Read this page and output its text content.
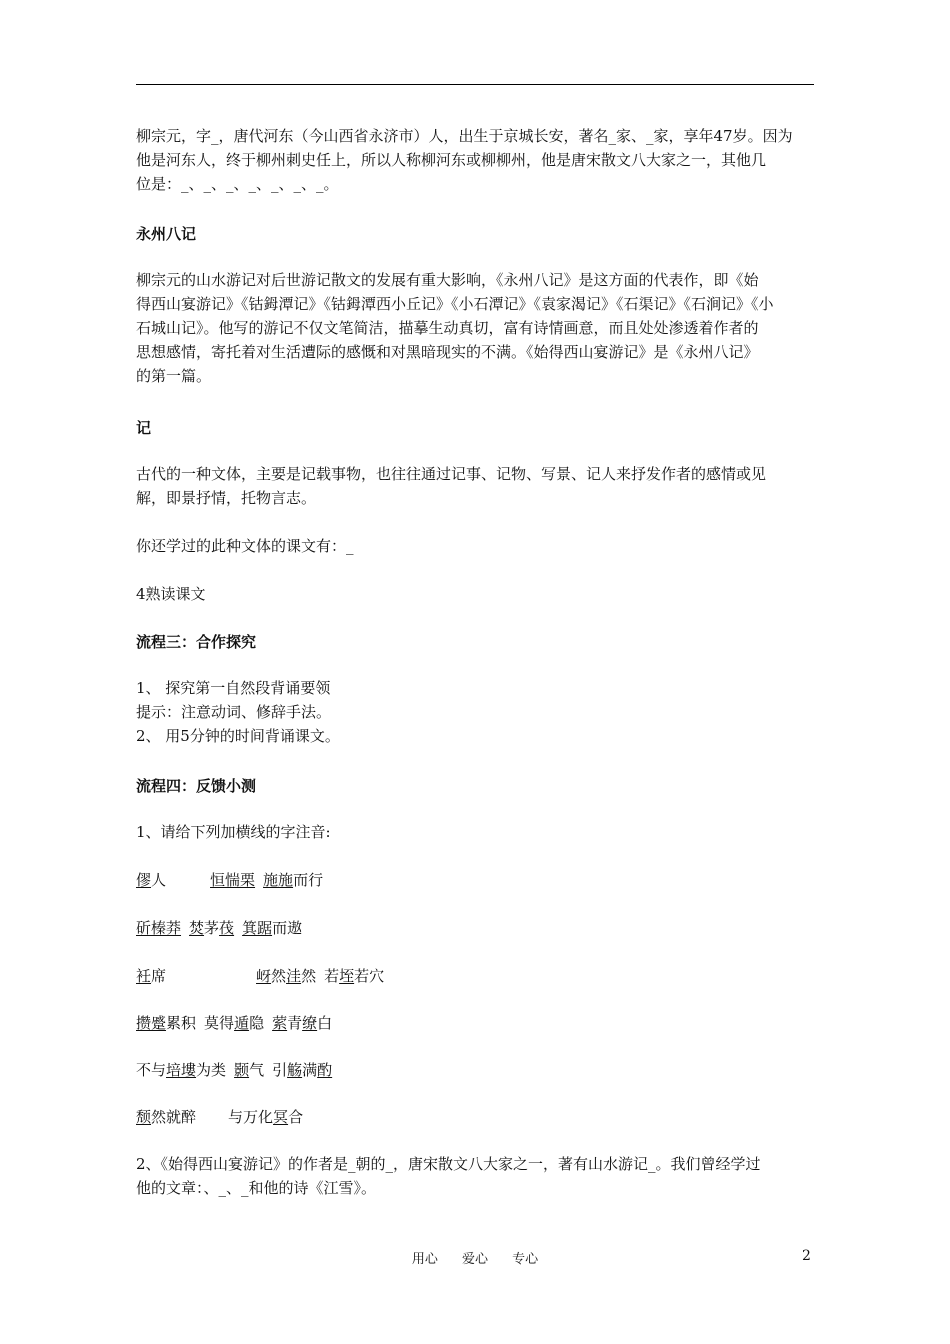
柳宗元，字_，唐代河东（今山西省永济市）人，出生于京城长安，著名_家、_家，享年47岁。因为
他是河东人，终于柳州刺史任上，所以人称柳河东或柳柳州，他是唐宋散文八大家之一，其他几
位是：_、_、_、_、_、_、_。
永州八记
柳宗元的山水游记对后世游记散文的发展有重大影响，《永州八记》是这方面的代表作，即《始
得西山宴游记》《钴鉧潭记》《钴鉧潭西小丘记》《小石潭记》《袁家渴记》《石渠记》《石涧记》《小
石城山记》。他写的游记不仅文笔简洁，描摹生动真切，富有诗情画意，而且处处渗透着作者的
思想感情，寄托着对生活遭际的感慨和对黑暗现实的不满。《始得西山宴游记》是《永州八记》
的第一篇。
记
古代的一种文体，主要是记载事物，也往往通过记事、记物、写景、记人来抒发作者的感情或见
解，即景抒情，托物言志。
你还学过的此种文体的课文有：_
4熟读课文
流程三：合作探究
1、 探究第一自然段背诵要领
提示：注意动词、修辞手法。
2、 用5分钟的时间背诵课文。
流程四：反馈小测
1、请给下列加横线的字注音:
僇人	恒惴栗 施施而行
斫榛莽 焚茅茷 箕踞而遨
衽席	岈然洼然 若垤若穴
攒蹙累积 莫得遁隐 萦青缭白
不与培塿为类 颢气 引觞满酌
颓然就醉 与万化冥合
2、《始得西山宴游记》的作者是_朝的_，唐宋散文八大家之一，著有山水游记_。我们曾经学过
他的文章：、_、_和他的诗《江雪》。
用心 爱心 专心	2
